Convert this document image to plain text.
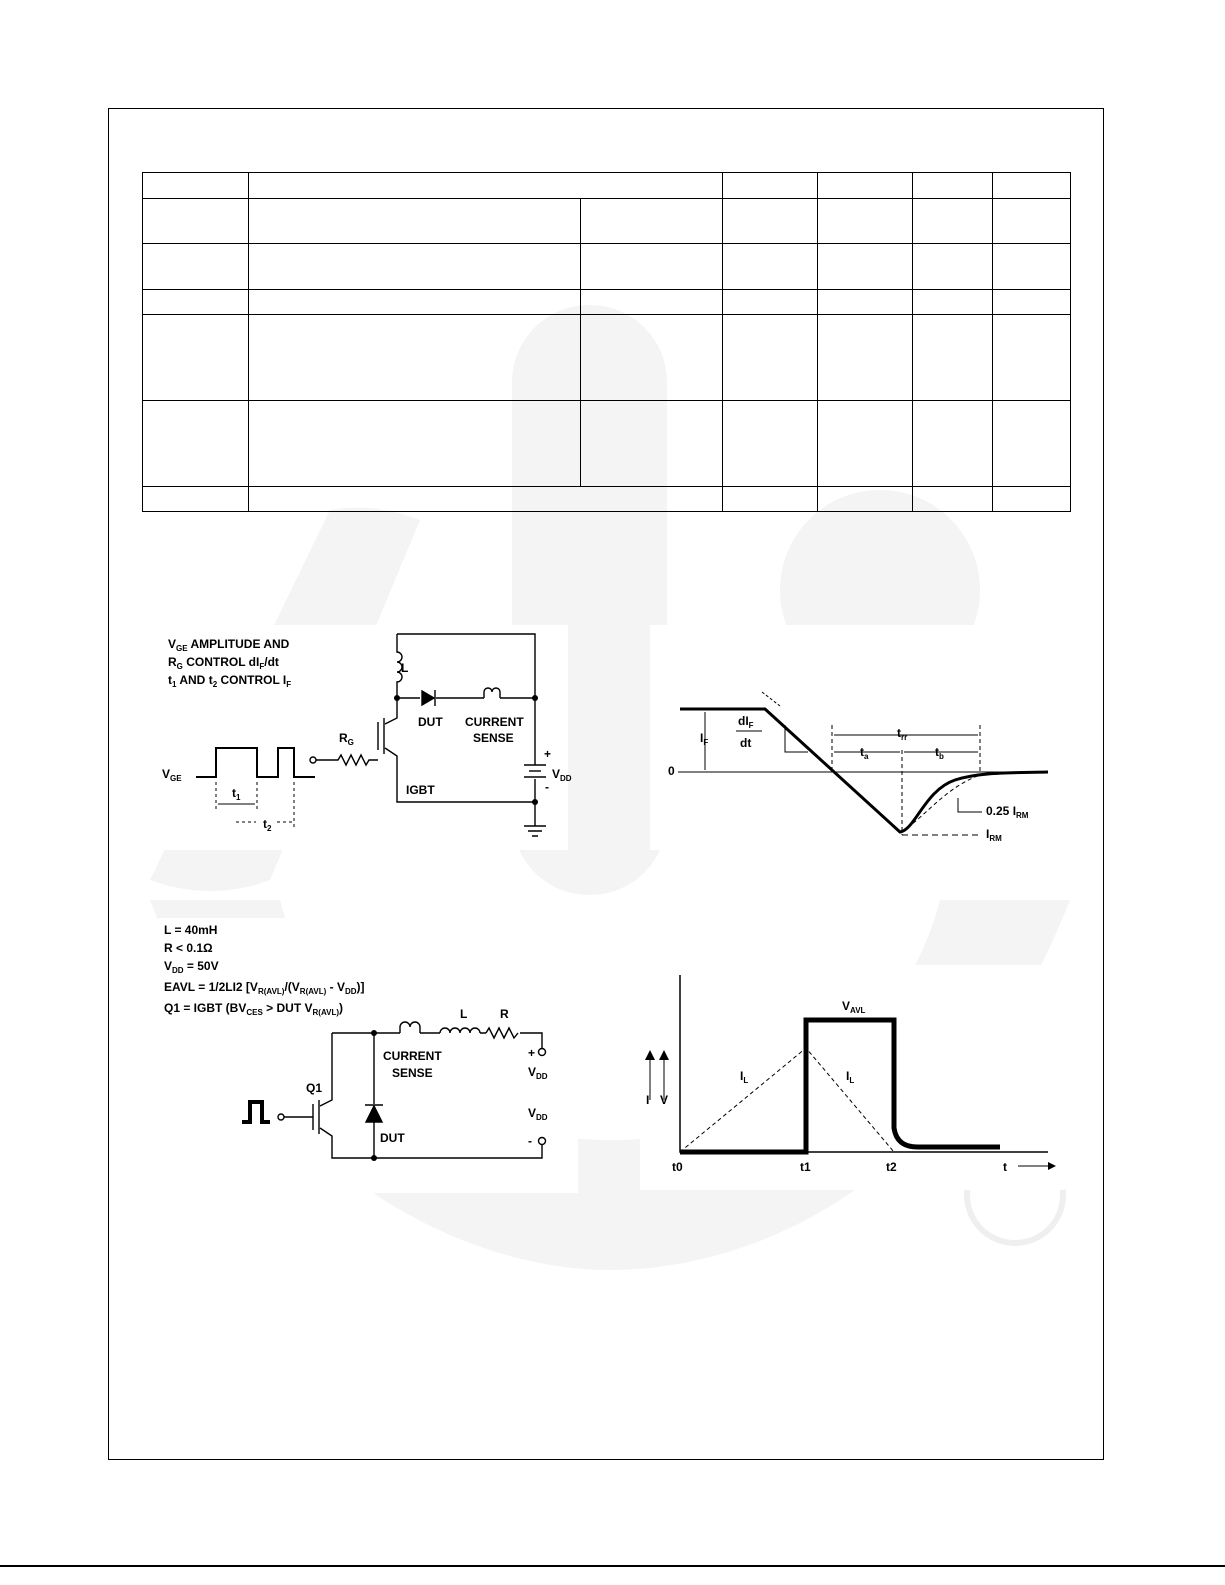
$V_{GE}$ AMPLITUDE AND
$R_G$ CONTROL $dI_F/dt$
$t_1$ AND $t_2$ CONTROL $I_F$
L
DUT CURRENT
SENSE
$R_G$
$V_{GE}$
IGBT
$V_{DD}$
+
-
$t_1$
$t_2$
$I_F$
0
$dI_F$
dt
$t_{rr}$
$t_a$	$t_b$
0.25 $I_{RM}$
$I_{RM}$
L = 40mH
R < 0.1Ω
$V_{DD} = 50V$
EAVL = 1/2LI2 $[V_{R(AVL)}/(V_{R(AVL)} - V_{DD})]$
Q1 = IGBT ($BV_{CES}$ > DUT $V_{R(AVL)}$)	L	R
CURRENT
SENSE
Q1
DUT
+
$V_{DD}$
$V_{DD}$
-
$V_{AVL}$
$I_L$	$I_L$
I V
t0	t1	t2	t
